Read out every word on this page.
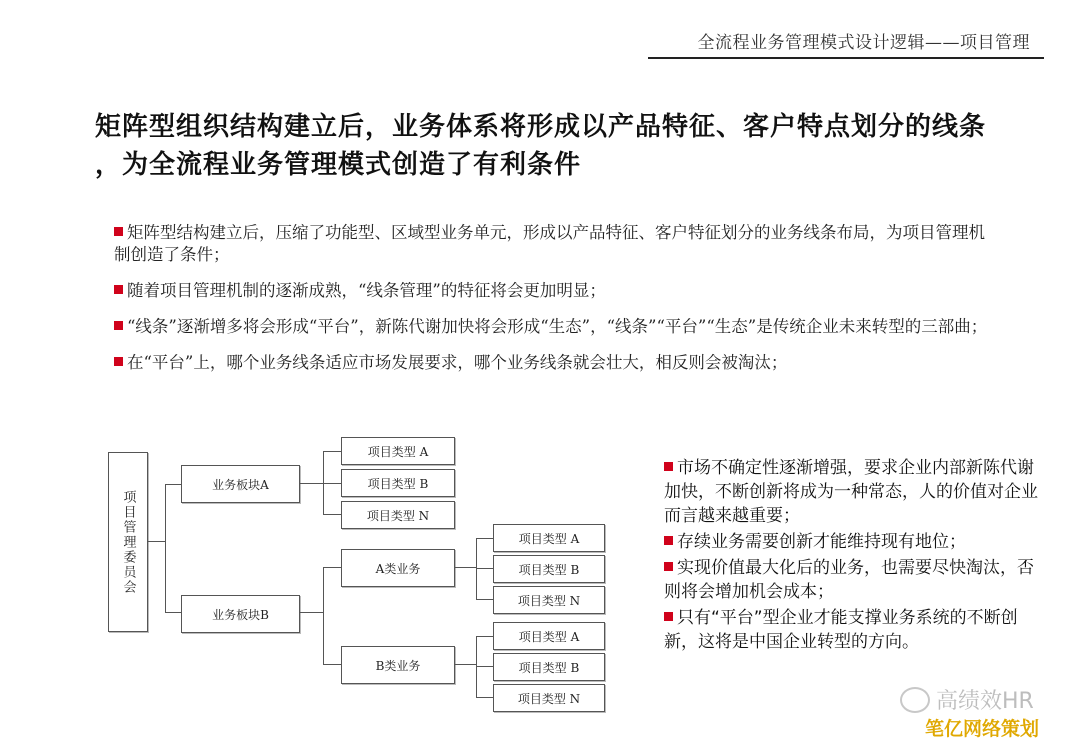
全流程业务管理模式设计逻辑——项目管理
矩阵型组织结构建立后，业务体系将形成以产品特征、客户特点划分的线条
，为全流程业务管理模式创造了有利条件
矩阵型结构建立后，压缩了功能型、区域型业务单元，形成以产品特征、客户特征划分的业务线条布局，为项目管理机制创造了条件；
随着项目管理机制的逐渐成熟，“线条管理”的特征将会更加明显；
“线条”逐渐增多将会形成“平台”，新陈代谢加快将会形成“生态”，“线条”“平台”“生态”是传统企业未来转型的三部曲；
在“平台”上，哪个业务线条适应市场发展要求，哪个业务线条就会壮大，相反则会被淘汰；
项目管理委员会
业务板块A
项目类型 A
项目类型 B
项目类型 N
业务板块B
A类业务
项目类型 A
项目类型 B
项目类型 N
B类业务
项目类型 A
项目类型 B
项目类型 N
市场不确定性逐渐增强，要求企业内部新陈代谢加快，不断创新将成为一种常态，人的价值对企业而言越来越重要；
存续业务需要创新才能维持现有地位；
实现价值最大化后的业务，也需要尽快淘汰，否则将会增加机会成本；
只有“平台”型企业才能支撑业务系统的不断创新，这将是中国企业转型的方向。
高绩效HR
笔亿网络策划
